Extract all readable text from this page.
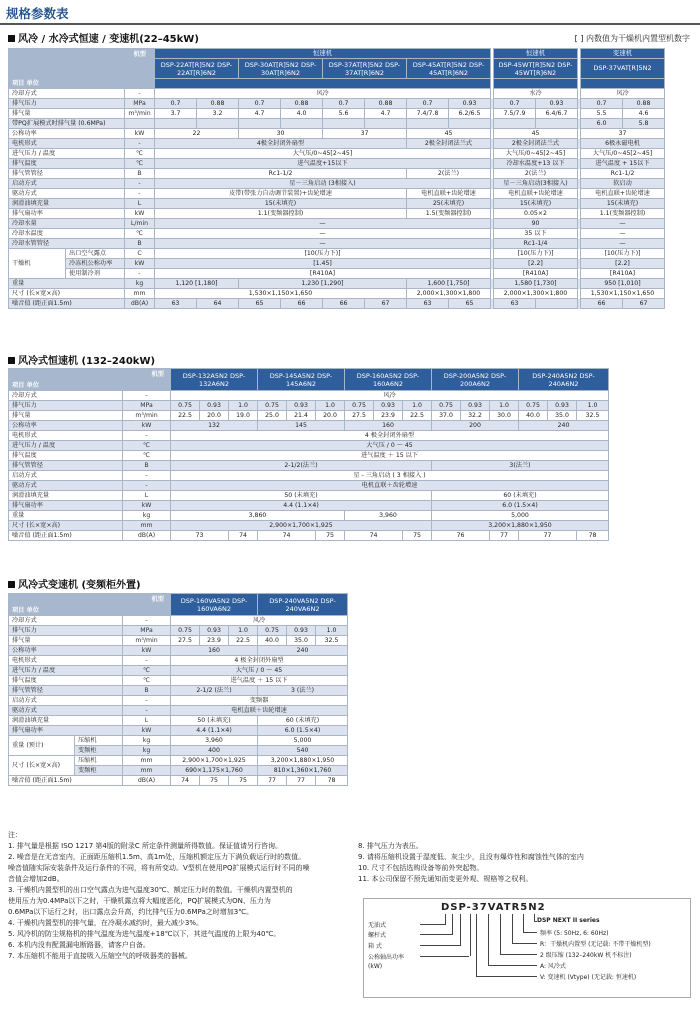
规格参数表
风冷 / 水冷式恒速 / 变速机(22–45kW)	[ ] 内数值为干燥机内置型机数字
机型
项目 单位			恒速机									恒速机			变速机	
			DSP-22AT[R]5N2 DSP-22AT[R]6N2		DSP-30AT[R]5N2 DSP-30AT[R]6N2		DSP-37AT[R]5N2 DSP-37AT[R]6N2		DSP-45AT[R]5N2 DSP-45AT[R]6N2			DSP-45WT[R]5N2 DSP-45WT[R]6N2			DSP-37VAT[R]5N2	

冷却方式		-	风冷									水冷			风冷	
排气压力		MPa	0.7	0.88	0.7	0.88	0.7	0.88	0.7	0.93		0.7	0.93		0.7	0.88
排气量		m³/min	3.7	3.2	4.7	4.0	5.6	4.7	7.4/7.8	6.2/6.5		7.5/7.9	6.4/6.7		5.5	4.6
带PQ扩展模式时排气量 (0.6MPa)															6.0	5.8
公称功率		kW	22		30		37		45			45			37	
电机形式		-	4极全封闭外扇型						2极全封闭法兰式			2极全封闭法兰式			6极永磁电机	
进气压力 / 温度		℃	大气压/0~45[2~45]									大气压/0~45[2~45]			大气压/0~45[2~45]	
排气温度		℃	进气温度+15以下									冷却水温度+13 以下			进气温度 + 15以下	
排气管管径		B	Rc1-1/2						2(法兰)			2(法兰)			Rc1-1/2	
启动方式		-	星－三角启动 (3相接入)									星－三角启动(3相接入)			软启动	
驱动方式		-	皮带(带张力自动调节装置)+齿轮增速						电机直联+齿轮增速			电机直联+齿轮增速			电机直联+齿轮增速	
润滑油填充量		L	15(未填充)						25(未填充)			15(未填充)			15(未填充)	
排气扇功率		kW	1.1(变频器控制)						1.5(变频器控制)			0.05×2			1.1(变频器控制)	
冷却水量		L/min	—									90			—	
冷却水温度		℃	—									35 以下			—	
冷却水管管径		B	—									Rc1-1/4			—	
干燥机	出口空气露点	C	[10(压力下)]									[10(压力下)]			[10(压力下)]	
	冷冻机公称功率	kW	[1.45]									[2.2]			[2.2]	
	使用制冷剂	-	[R410A]									[R410A]			[R410A]	
重量		kg	1,120 [1,180]		1,230 [1,290]				1,600 [1,750]			1,580 [1,730]			950 [1,010]	
尺寸 (长×宽×高)		mm	1,530×1,150×1,650						2,000×1,300×1,800			2,000×1,300×1,800			1,530×1,150×1,650	
噪音值 (距正面1.5m)		dB(A)	63	64	65	66	66	67	63	65		63			66	67
风冷式恒速机 (132–240kW)
机型
项目 单位		DSP-132A5N2 DSP-132A6N2			DSP-145A5N2 DSP-145A6N2			DSP-160A5N2 DSP-160A6N2			DSP-200A5N2 DSP-200A6N2			DSP-240A5N2 DSP-240A6N2		
冷却方式	-	风冷														
排气压力	MPa	0.75	0.93	1.0	0.75	0.93	1.0	0.75	0.93	1.0	0.75	0.93	1.0	0.75	0.93	1.0
排气量	m³/min	22.5	20.0	19.0	25.0	21.4	20.0	27.5	23.9	22.5	37.0	32.2	30.0	40.0	35.0	32.5
公称功率	kW	132			145			160			200			240		
电机形式	-	4 极全封闭外扇型														
进气压力 / 温度	℃	大气压 / 0 ～ 45														
排气温度	℃	进气温度 ＋ 15 以下														
排气管管径	B	2-1/2(法兰)									3(法兰)					
启动方式	-	星 - 三角启动 ( 3 相接入 )														
驱动方式	-	电机直联＋齿轮增速														
润滑油填充量	L	50 (未填充)									60 (未填充)					
排气扇功率	kW	4.4 (1.1×4)									6.0 (1.5×4)					
重量	kg	3,860						3,960			5,000					
尺寸 (长×宽×高)	mm	2,900×1,700×1,925									3,200×1,880×1,950					
噪音值 (距正面1.5m)	dB(A)	73		74	74		75	74		75	76		77	77		78
风冷式变速机 (变频柜外置)
机型
项目 单位			DSP-160VA5N2 DSP-160VA6N2			DSP-240VA5N2 DSP-240VA6N2		
冷却方式		-	风冷					
排气压力		MPa	0.75	0.93	1.0	0.75	0.93	1.0
排气量		m³/min	27.5	23.9	22.5	40.0	35.0	32.5
公称功率		kW	160			240		
电机形式		-	4 极全封闭外扇型					
进气压力 / 温度		℃	大气压 / 0 ～ 45					
排气温度		℃	进气温度 ＋ 15 以下					
排气管管径		B	2-1/2 (法兰)			3 (法兰)		
启动方式		-	变频器					
驱动方式		-	电机直联＋齿轮增速					
润滑油填充量		L	50 (未填充)			60 (未填充)		
排气扇功率		kW	4.4 (1.1×4)			6.0 (1.5×4)		
重量 (预计)	压缩机	kg	3,960			5,000		
	变频柜	kg	400			540		
尺寸 (长×宽×高)	压缩机	mm	2,900×1,700×1,925			3,200×1,880×1,950		
	变频柜	mm	690×1,175×1,760			810×1,360×1,760		
噪音值 (距正面1.5m)		dB(A)	74	75	75	77	77	78
注：
1. 排气量是根据 ISO 1217 第4版的附录C 所定条件测量所得数值。保证值请另行咨询。
2. 噪音是在无音室内，正面距压缩机1.5m、高1m处，压缩机额定压力下满负载运行时的数值。
噪音值随实际安装条件及运行条件的不同，将有所变动。V型机在使用PQ扩展模式运行时不同的噪
音值会增加2dB。
3. 干燥机内置型机的出口空气露点为进气温度30℃、额定压力时的数值。干燥机内置型机的
使用压力为0.4MPa以下之时，干燥机露点将大幅度恶化，PQ扩展模式为ON、压力为
0.6MPa以下运行之时，出口露点会升高，约比排气压力0.6MPa之时增加3℃。
4. 干燥机内置型机的排气量，在冷凝水减约时，最大减少3%。
5. 风冷机的防尘规格机的排气温度为进气温度+18℃以下，其进气温度的上限为40℃。
6. 本机内没有配置漏电断路器，请客户自备。
7. 本压缩机不能用于直接吸入压缩空气的呼吸器类的器械。
8. 排气压力为表压。
9. 请将压缩机设置于湿度低、灰尘少，且没有爆炸性和腐蚀性气体的室内
10. 尺寸不包括选购设备等前外突起物。
11. 本公司保留不预先通知而变更外观、规格等之权利。
DSP-37VATR5N2
无油式
螺杆式
箱 式
公称轴出功率
(kW)
DSP NEXT II series
频率 (5: 50Hz, 6: 60Hz)
R：干燥机内置型 (无记载: 不带干燥机型)
2 级压缩 (132–240kW 机不标注)
A: 风冷式
V: 变速机 (Vtype) (无记载: 恒速机)
